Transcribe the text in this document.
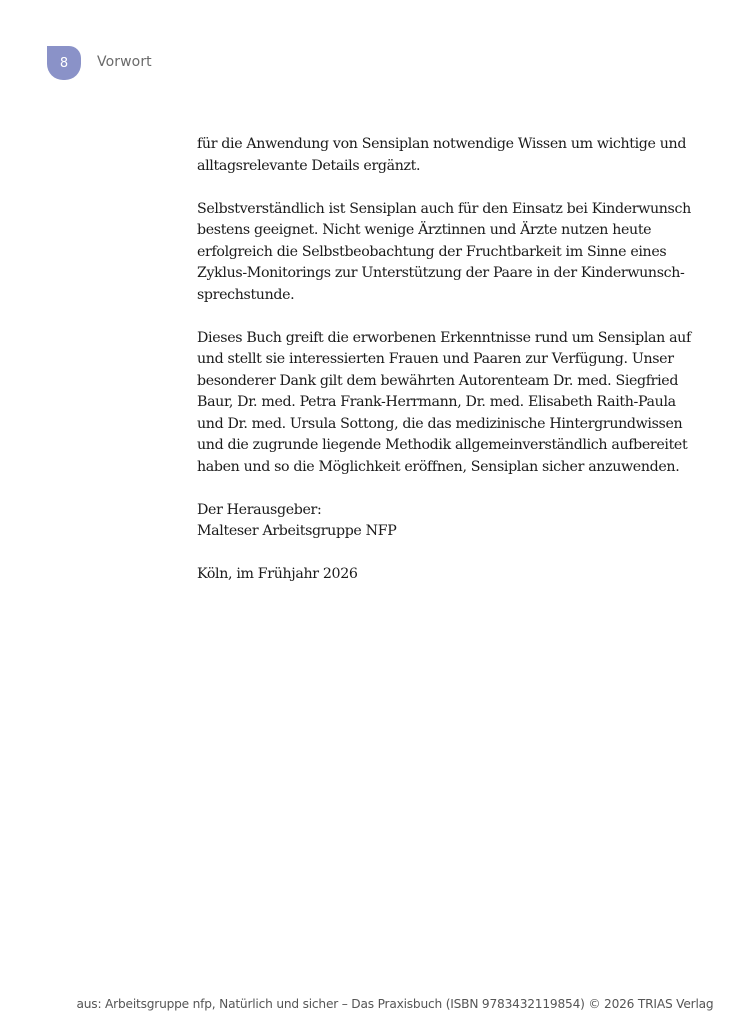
8 Vorwort

für die Anwendung von Sensiplan notwendige Wissen um wichtige und
alltagsrelevante Details ergänzt.

Selbstverständlich ist Sensiplan auch für den Einsatz bei Kinderwunsch
bestens geeignet. Nicht wenige Ärztinnen und Ärzte nutzen heute
erfolgreich die Selbstbeobachtung der Fruchtbarkeit im Sinne eines
Zyklus-Monitorings zur Unterstützung der Paare in der Kinderwunsch-
sprechstunde.

Dieses Buch greift die erworbenen Erkenntnisse rund um Sensiplan auf
und stellt sie interessierten Frauen und Paaren zur Verfügung. Unser
besonderer Dank gilt dem bewährten Autorenteam Dr. med. Siegfried
Baur, Dr. med. Petra Frank-Herrmann, Dr. med. Elisabeth Raith-Paula
und Dr. med. Ursula Sottong, die das medizinische Hintergrundwissen
und die zugrunde liegende Methodik allgemeinverständlich aufbereitet
haben und so die Möglichkeit eröffnen, Sensiplan sicher anzuwenden.

Der Herausgeber:
Malteser Arbeitsgruppe NFP

Köln, im Frühjahr 2026

aus: Arbeitsgruppe nfp, Natürlich und sicher – Das Praxisbuch (ISBN 9783432119854) © 2026 TRIAS Verlag
